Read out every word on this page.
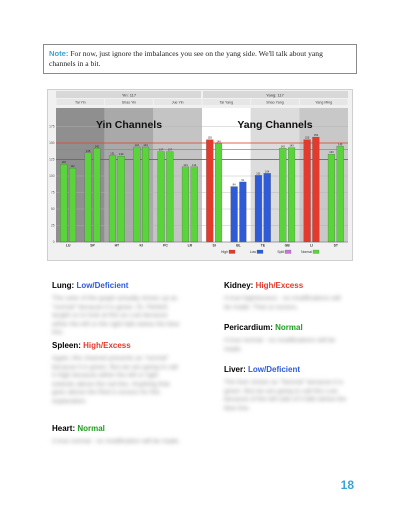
Note: For now, just ignore the imbalances you see on the yang side. We'll talk about yang channels in a bit.
Yin: 117	Yang: 117
Tai Yin	Shao Yin	Jue Yin	Tai Yang	Shao Yang	Yang Ming
0
25
50
75
100
125
150
175	Yin Channels	Yang Channels
118
112
LU
135
142
SP
131 130
HT
144 144
KI
137 137
PC
114 114
LR
155
149
SI
84
91
BL
101
104
TE
142 143
GB
155
159
LI
133
145
ST
High	Low	Split	Normal
Lung: Low/Deficient
The color of the graph actually shows up as "normal" because it is green. Dr. Pehlich taught us to look at this as Low because either the left or the right falls below the blue line.
Spleen: High/Excess
Again, this channel presents as "normal" because it is green. But we are going to call it High because either the left or right extends above the red line. Anything that goes above the Red is excess for this explanation.
Heart: Normal
A true normal - no modification will be made.
Kidney: High/Excess
A true high/excess - no modifications will be made. That us excess.
Pericardium: Normal
A true normal - no modifications will be made.
Liver: Low/Deficient
The liver shows as "Normal" because it is green. But we are going to call this Low because of the left side of it falls below the blue line.
18
